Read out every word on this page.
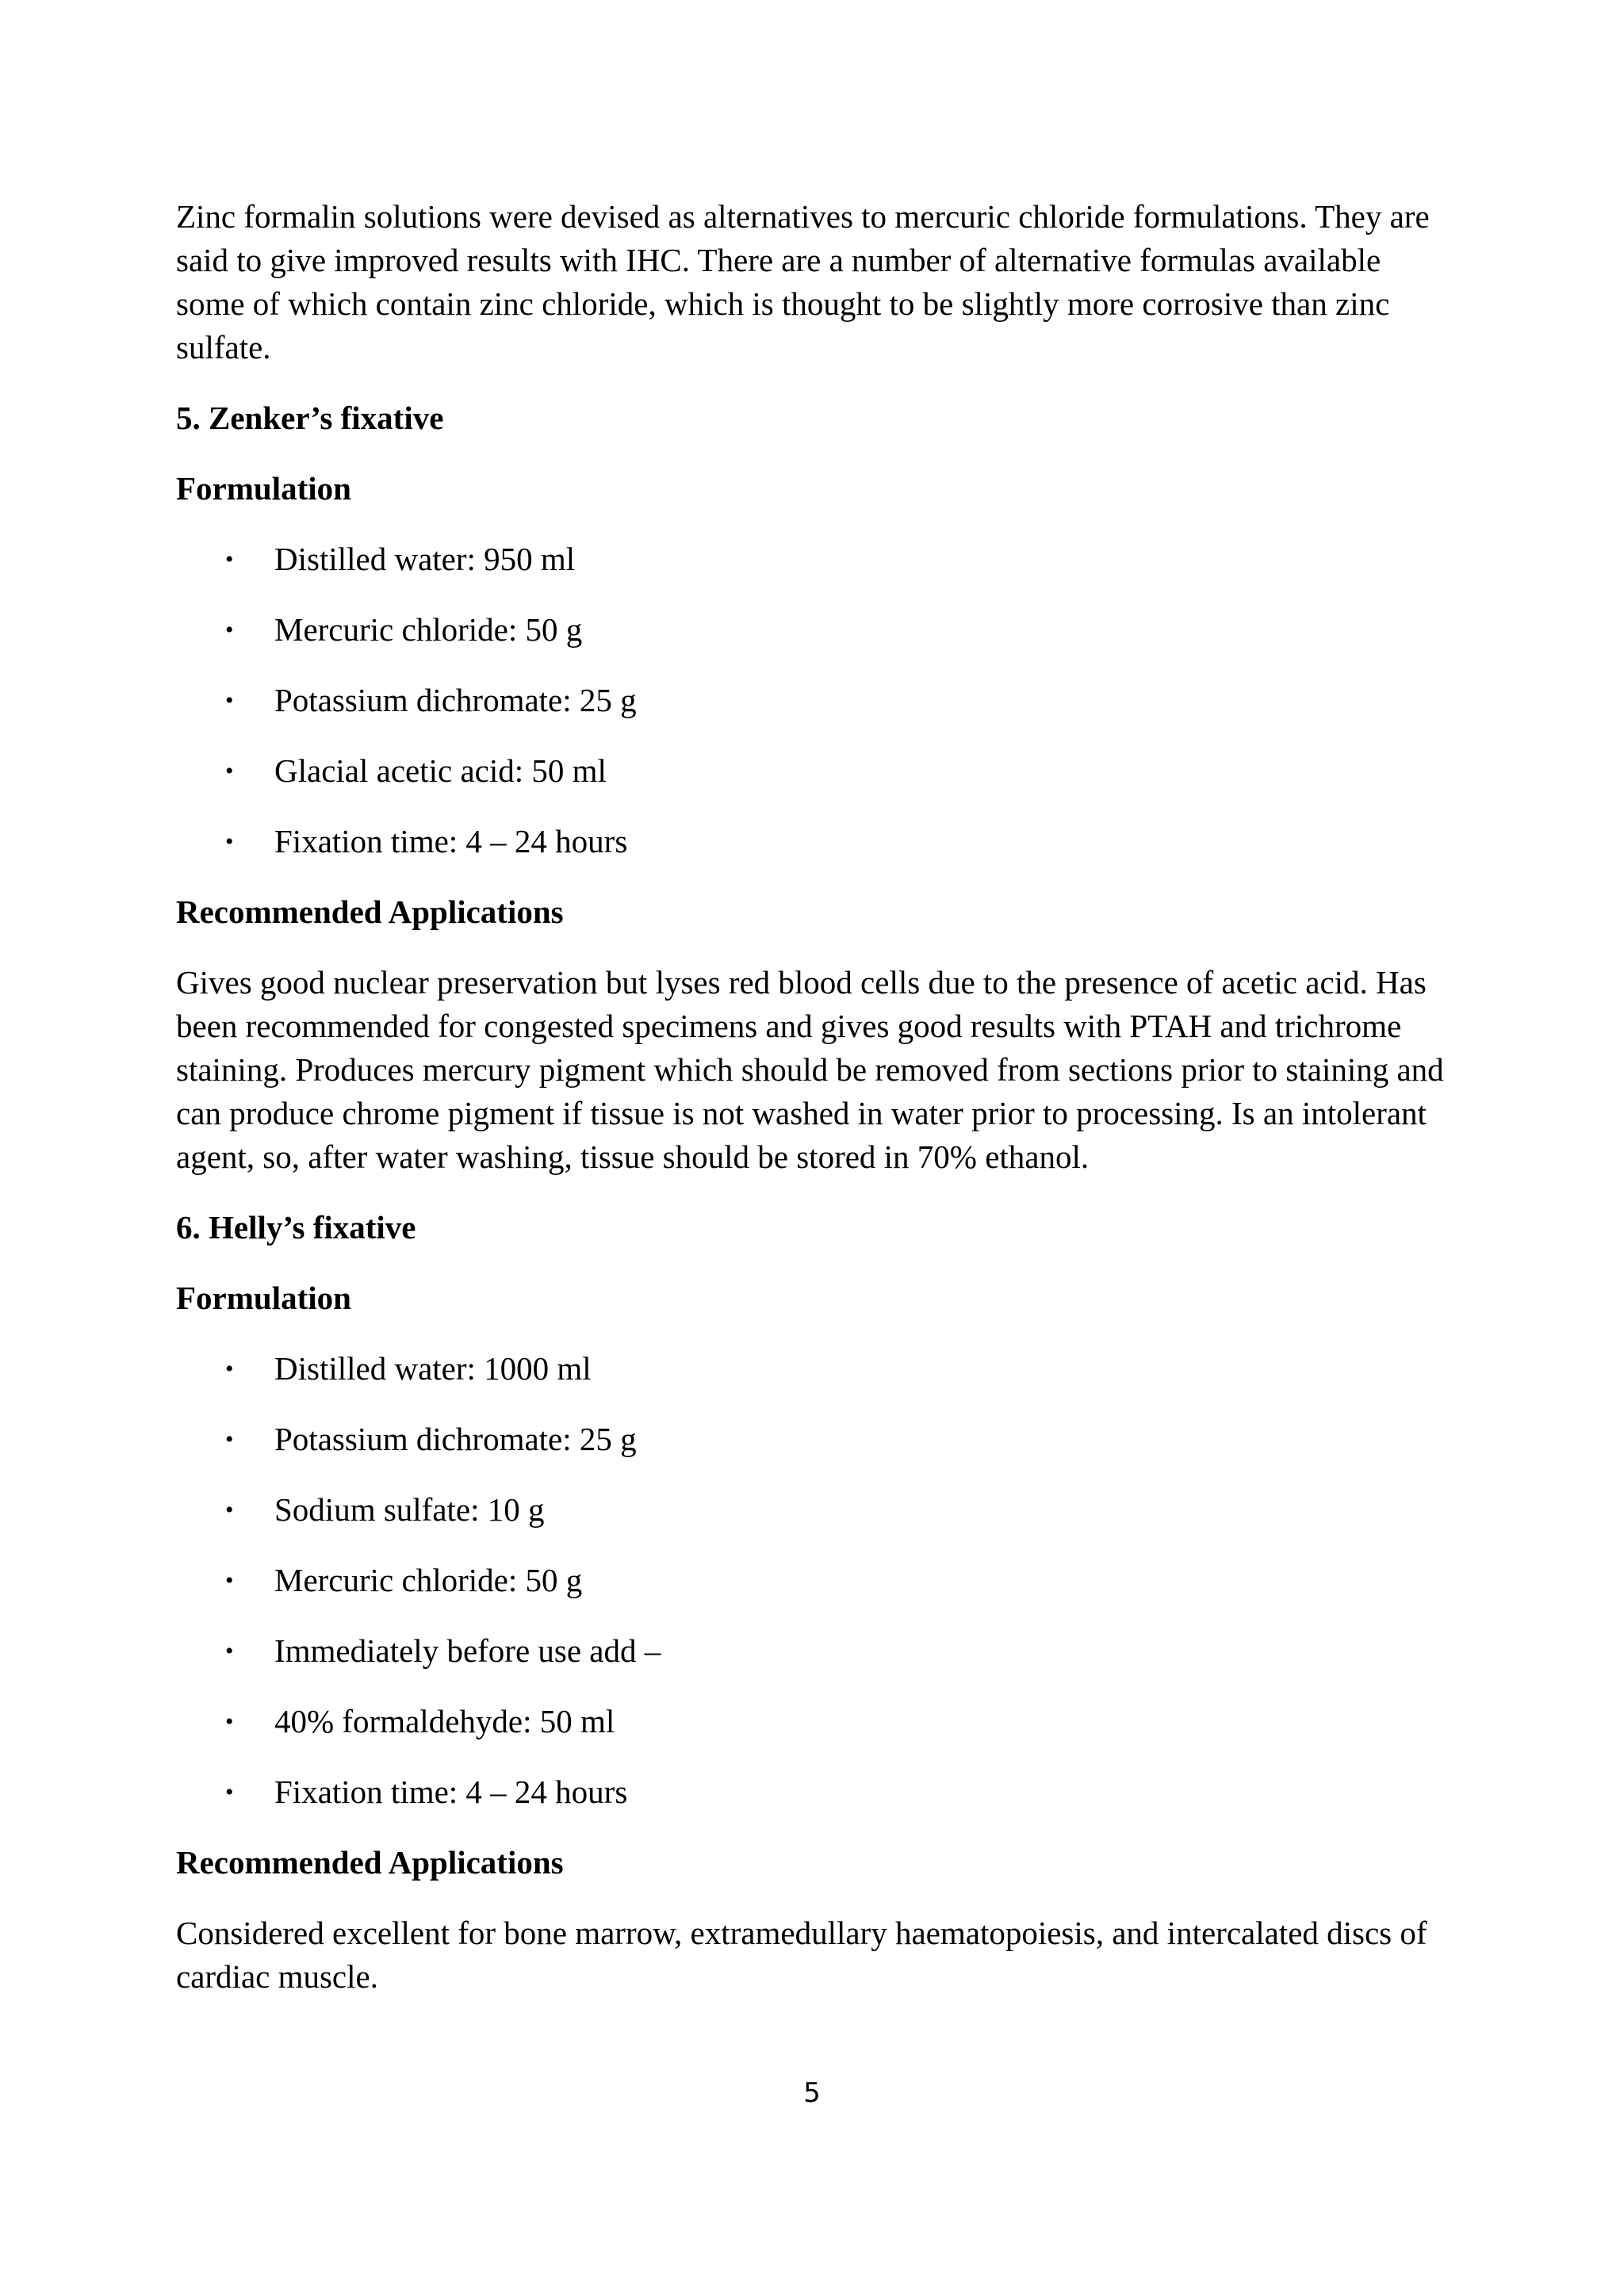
Zinc formalin solutions were devised as alternatives to mercuric chloride formulations. They are said to give improved results with IHC. There are a number of alternative formulas available some of which contain zinc chloride, which is thought to be slightly more corrosive than zinc sulfate.

5. Zenker’s fixative

Formulation

• Distilled water: 950 ml
• Mercuric chloride: 50 g
• Potassium dichromate: 25 g
• Glacial acetic acid: 50 ml
• Fixation time: 4 – 24 hours

Recommended Applications

Gives good nuclear preservation but lyses red blood cells due to the presence of acetic acid. Has been recommended for congested specimens and gives good results with PTAH and trichrome staining. Produces mercury pigment which should be removed from sections prior to staining and can produce chrome pigment if tissue is not washed in water prior to processing. Is an intolerant agent, so, after water washing, tissue should be stored in 70% ethanol.

6. Helly’s fixative

Formulation

• Distilled water: 1000 ml
• Potassium dichromate: 25 g
• Sodium sulfate: 10 g
• Mercuric chloride: 50 g
• Immediately before use add –
• 40% formaldehyde: 50 ml
• Fixation time: 4 – 24 hours

Recommended Applications

Considered excellent for bone marrow, extramedullary haematopoiesis, and intercalated discs of cardiac muscle.

5
